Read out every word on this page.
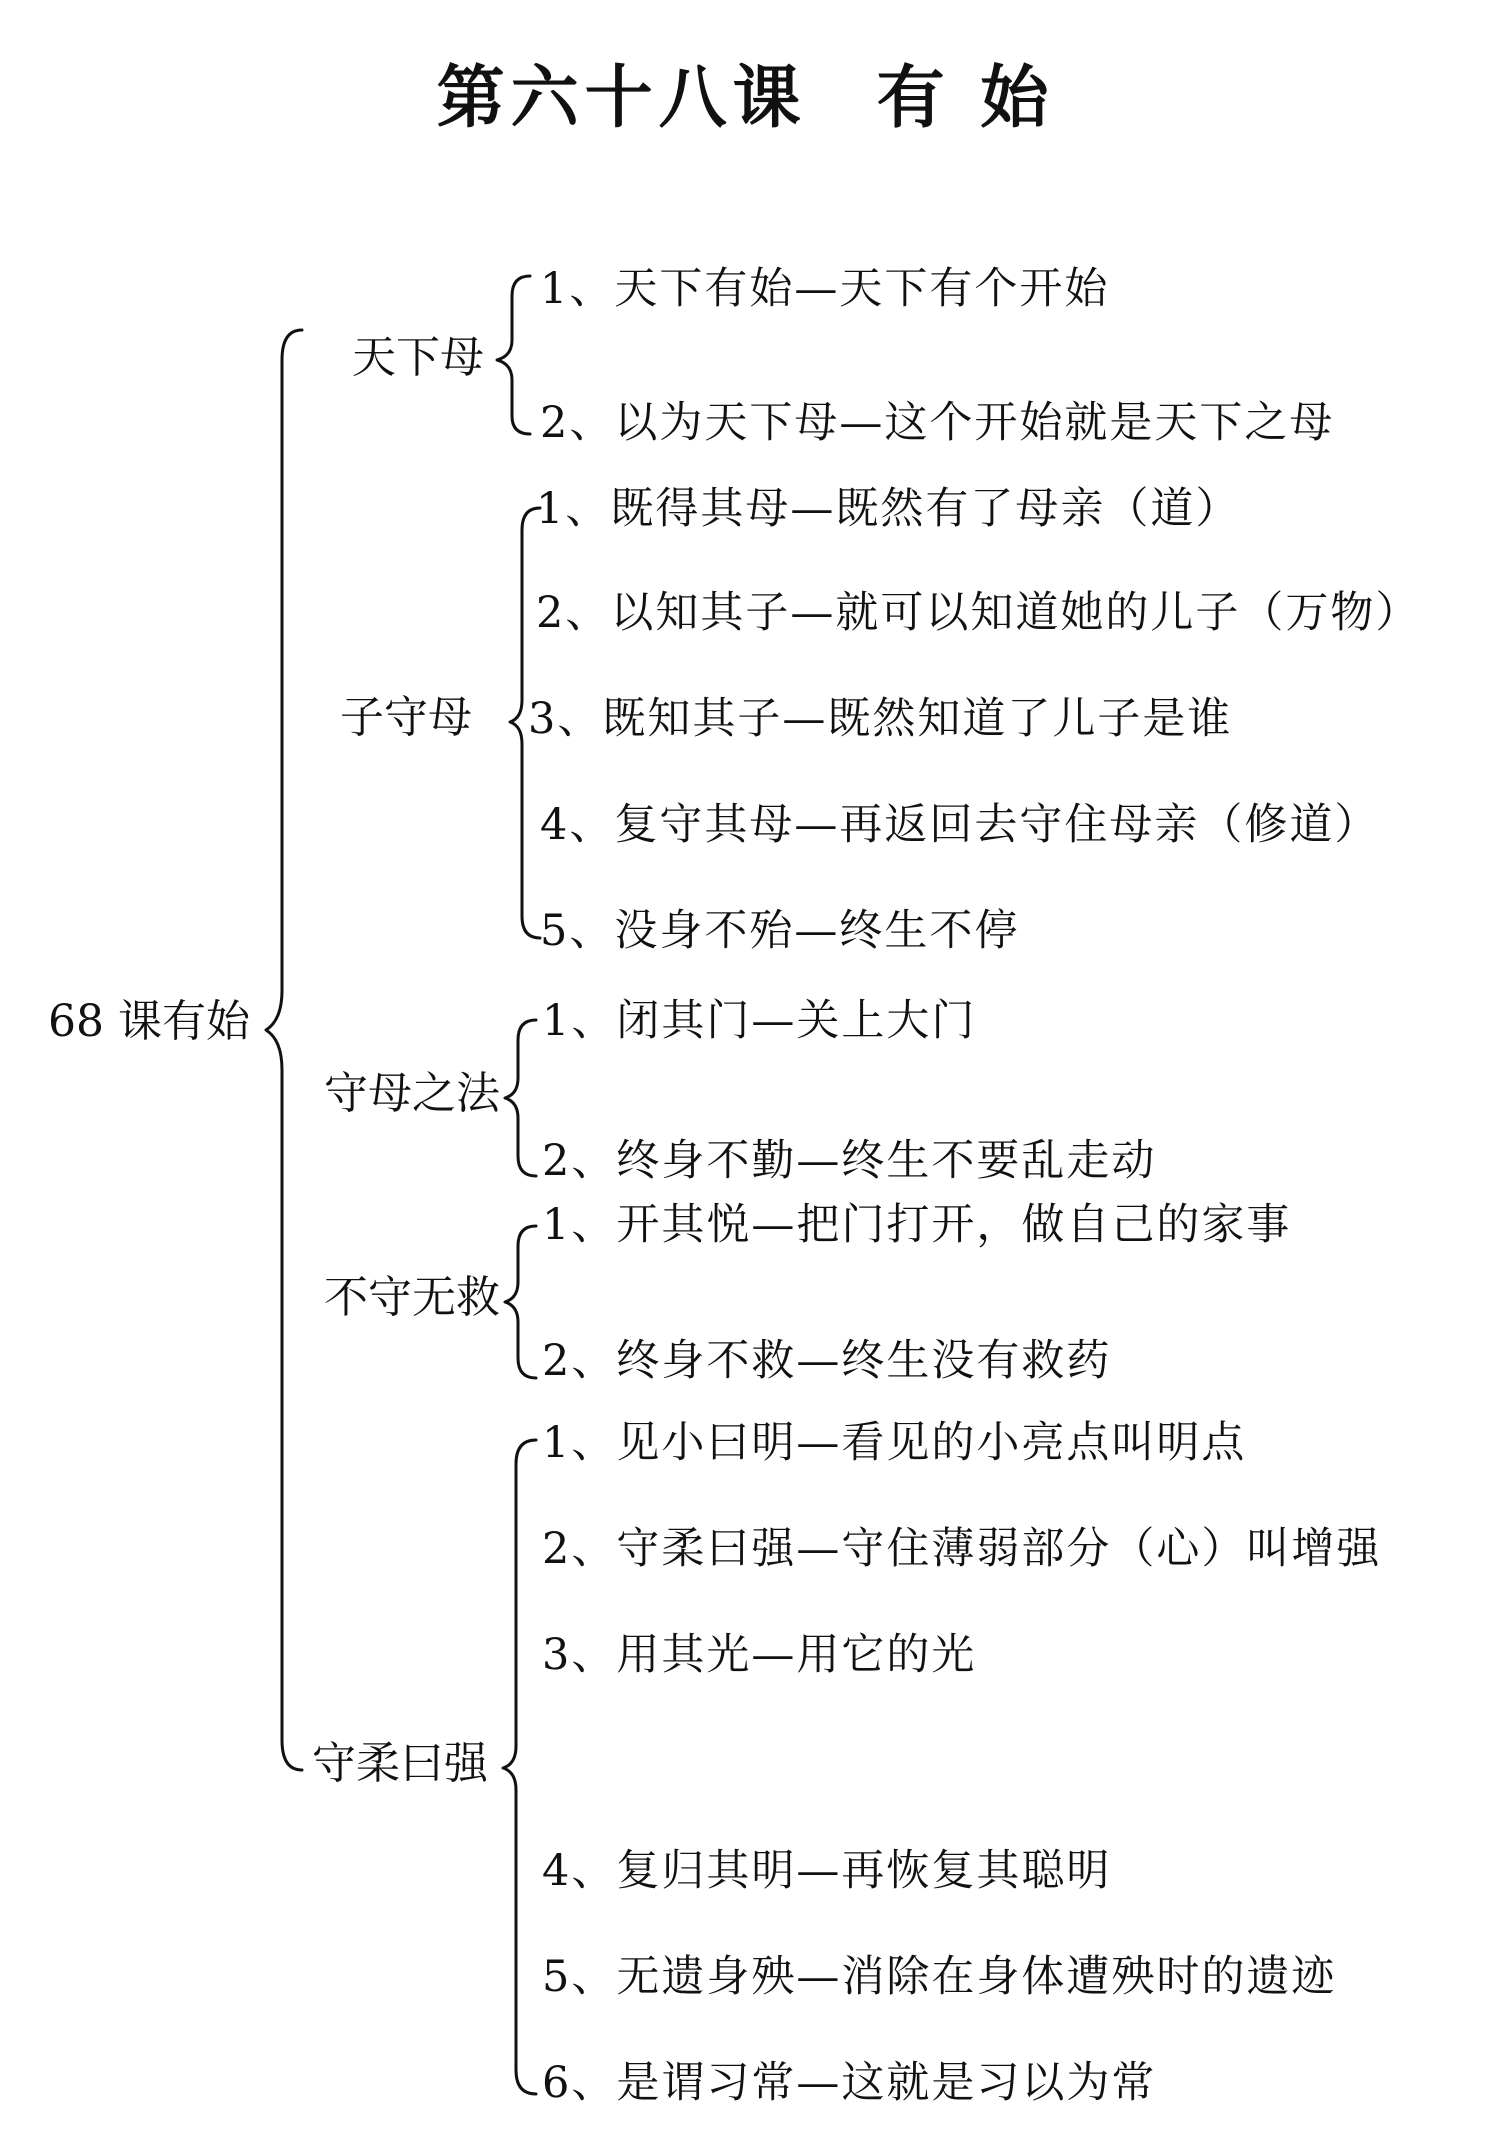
第六十八课 有 始
68 课有始
天下母
1、天下有始—天下有个开始
2、以为天下母—这个开始就是天下之母
子守母
1、既得其母—既然有了母亲（道）
2、以知其子—就可以知道她的儿子（万物）
3、既知其子—既然知道了儿子是谁
4、复守其母—再返回去守住母亲（修道）
5、没身不殆—终生不停
守母之法
1、闭其门—关上大门
2、终身不勤—终生不要乱走动
不守无救
1、开其悦—把门打开，做自己的家事
2、终身不救—终生没有救药
守柔曰强
1、见小曰明—看见的小亮点叫明点
2、守柔曰强—守住薄弱部分（心）叫增强
3、用其光—用它的光
4、复归其明—再恢复其聪明
5、无遗身殃—消除在身体遭殃时的遗迹
6、是谓习常—这就是习以为常
